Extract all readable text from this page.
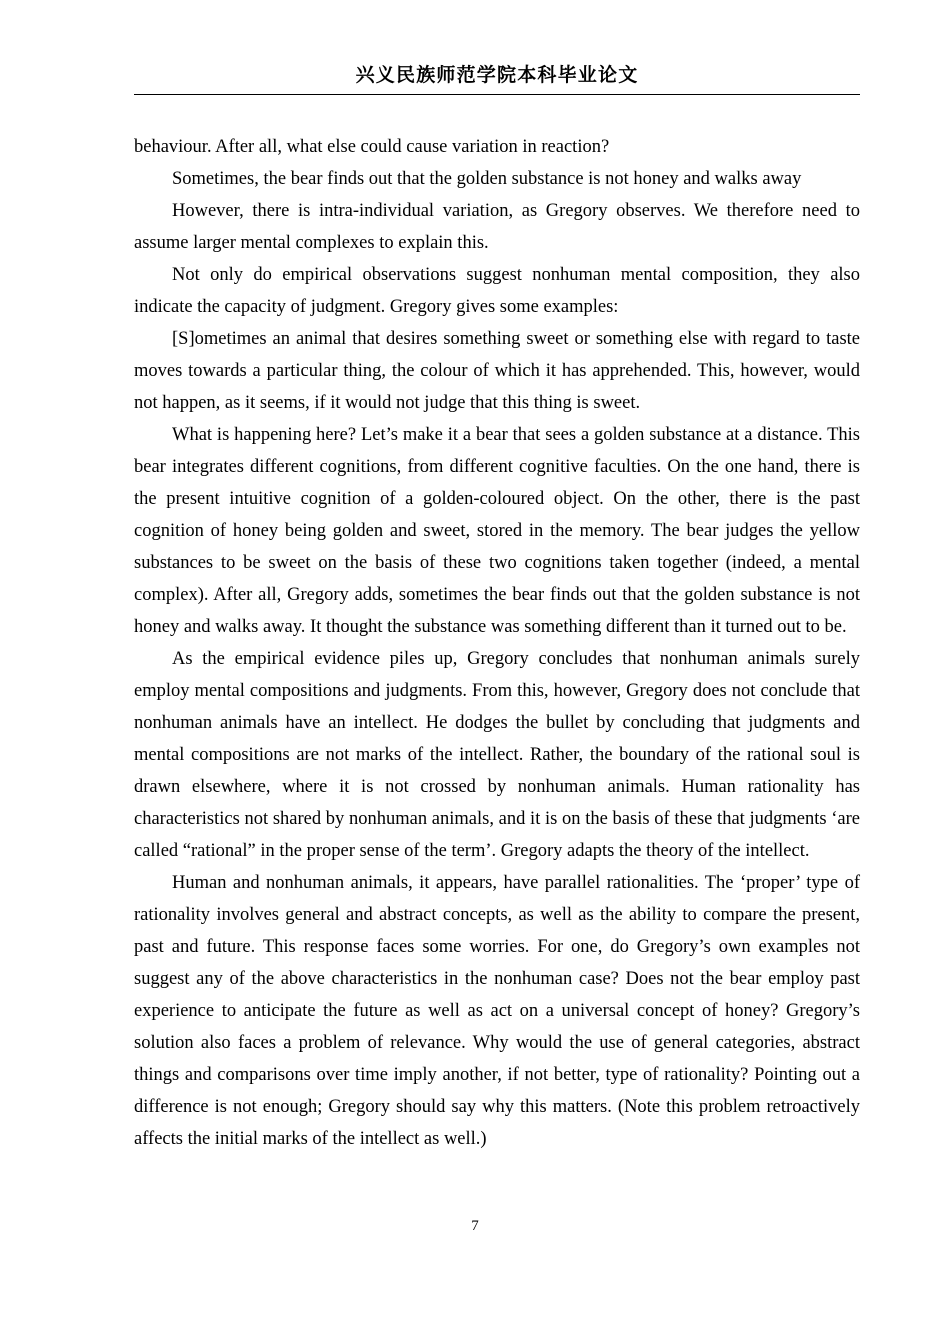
兴义民族师范学院本科毕业论文

behaviour. After all, what else could cause variation in reaction?

Sometimes, the bear finds out that the golden substance is not honey and walks away

However, there is intra-individual variation, as Gregory observes. We therefore need to assume larger mental complexes to explain this.

Not only do empirical observations suggest nonhuman mental composition, they also indicate the capacity of judgment. Gregory gives some examples:

[S]ometimes an animal that desires something sweet or something else with regard to taste moves towards a particular thing, the colour of which it has apprehended. This, however, would not happen, as it seems, if it would not judge that this thing is sweet.

What is happening here? Let’s make it a bear that sees a golden substance at a distance. This bear integrates different cognitions, from different cognitive faculties. On the one hand, there is the present intuitive cognition of a golden-coloured object. On the other, there is the past cognition of honey being golden and sweet, stored in the memory. The bear judges the yellow substances to be sweet on the basis of these two cognitions taken together (indeed, a mental complex). After all, Gregory adds, sometimes the bear finds out that the golden substance is not honey and walks away. It thought the substance was something different than it turned out to be.

As the empirical evidence piles up, Gregory concludes that nonhuman animals surely employ mental compositions and judgments. From this, however, Gregory does not conclude that nonhuman animals have an intellect. He dodges the bullet by concluding that judgments and mental compositions are not marks of the intellect. Rather, the boundary of the rational soul is drawn elsewhere, where it is not crossed by nonhuman animals. Human rationality has characteristics not shared by nonhuman animals, and it is on the basis of these that judgments ‘are called “rational” in the proper sense of the term’. Gregory adapts the theory of the intellect.

Human and nonhuman animals, it appears, have parallel rationalities. The ‘proper’ type of rationality involves general and abstract concepts, as well as the ability to compare the present, past and future. This response faces some worries. For one, do Gregory’s own examples not suggest any of the above characteristics in the nonhuman case? Does not the bear employ past experience to anticipate the future as well as act on a universal concept of honey? Gregory’s solution also faces a problem of relevance. Why would the use of general categories, abstract things and comparisons over time imply another, if not better, type of rationality? Pointing out a difference is not enough; Gregory should say why this matters. (Note this problem retroactively affects the initial marks of the intellect as well.)

7
